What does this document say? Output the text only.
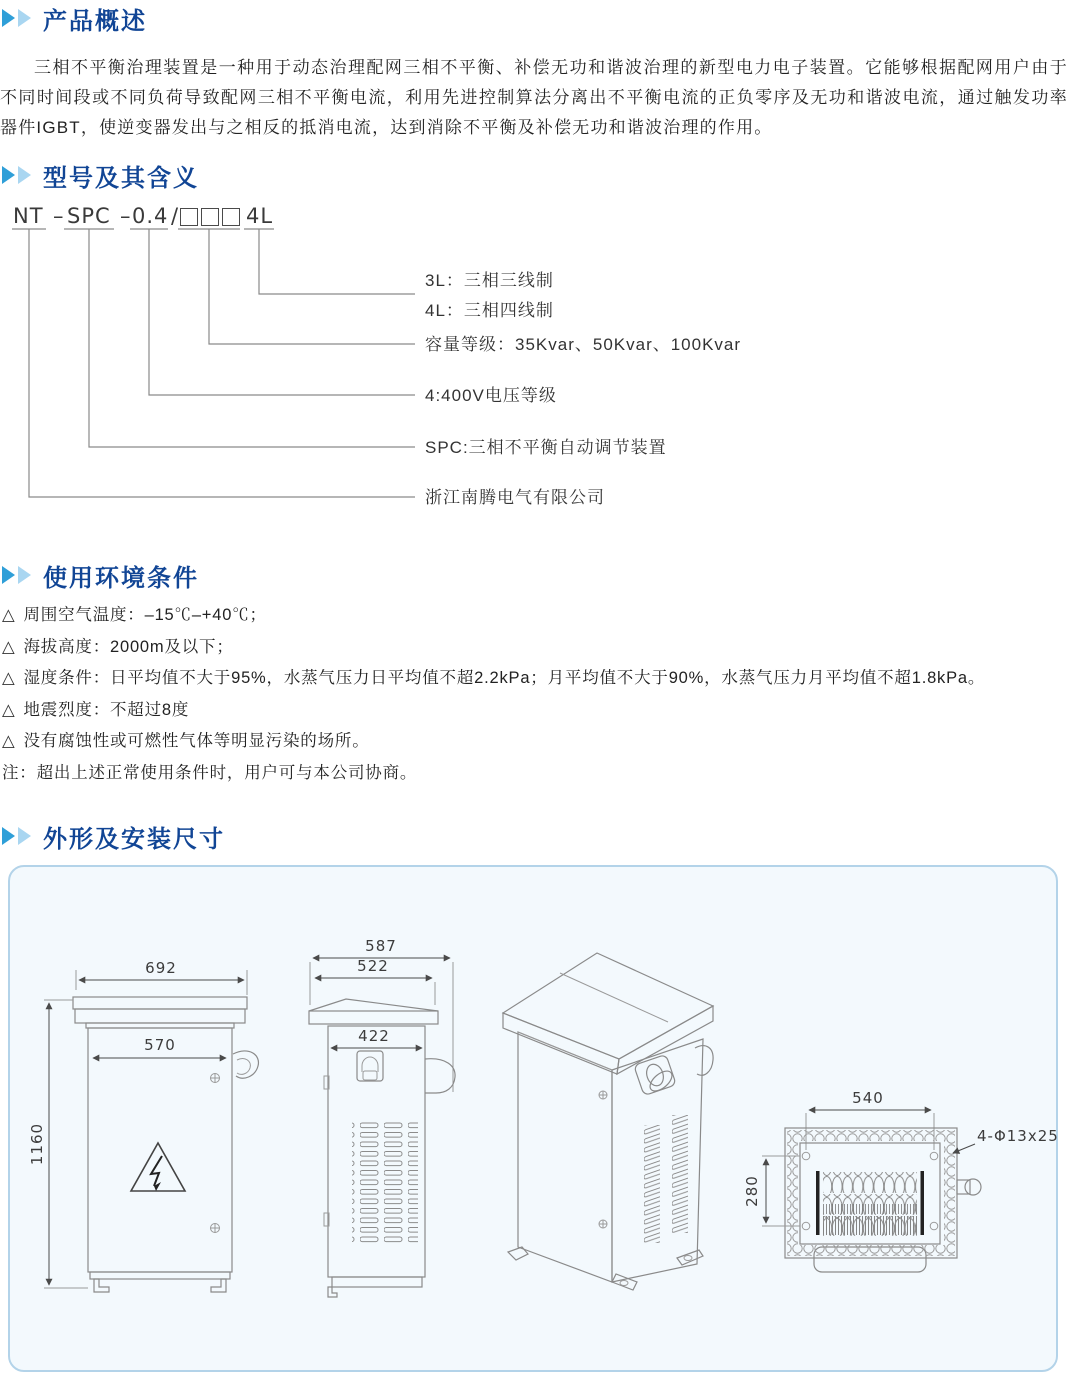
产品概述

三相不平衡治理装置是一种用于动态治理配网三相不平衡、补偿无功和谐波治理的新型电力电子装置。它能够根据配网用户由于不同时间段或不同负荷导致配网三相不平衡电流，利用先进控制算法分离出不平衡电流的正负零序及无功和谐波电流，通过触发功率器件IGBT，使逆变器发出与之相反的抵消电流，达到消除不平衡及补偿无功和谐波治理的作用。

型号及其含义
NT – SPC – 0.4 /	4L
3L：三相三线制
4L：三相四线制
容量等级：35Kvar、50Kvar、100Kvar
4:400V电压等级
SPC:三相不平衡自动调节装置
浙江南腾电气有限公司
使用环境条件
△ 周围空气温度：–15℃–+40℃；
△ 海拔高度：2000m及以下；
△ 湿度条件：日平均值不大于95%，水蒸气压力日平均值不超2.2kPa；月平均值不大于90%，水蒸气压力月平均值不超1.8kPa。
△ 地震烈度：不超过8度
△ 没有腐蚀性或可燃性气体等明显污染的场所。
注：超出上述正常使用条件时，用户可与本公司协商。
外形及安装尺寸
692
570
1160
587
522
422
540
280
4-Φ13x25
